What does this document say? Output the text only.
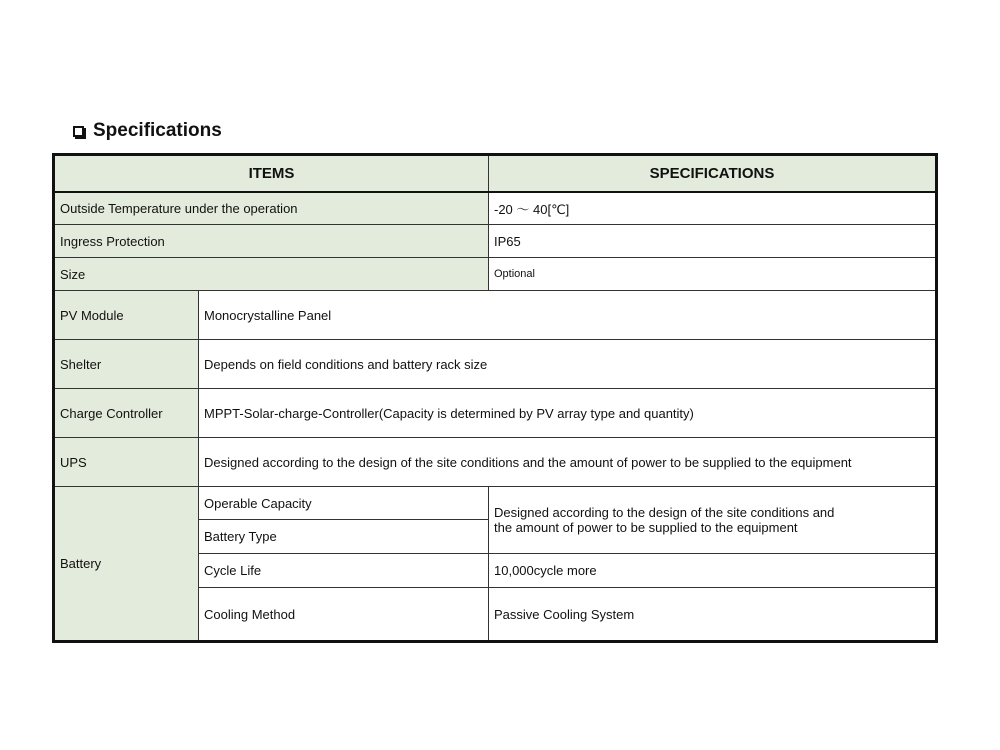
Specifications
ITEMS		SPECIFICATIONS
Outside Temperature under the operation		-20 ～ 40[℃]
Ingress Protection		IP65
Size		Optional
PV Module	Monocrystalline Panel	
Shelter	Depends on field conditions and battery rack size	
Charge Controller	MPPT-Solar-charge-Controller(Capacity is determined by PV array type and quantity)	
UPS	Designed according to the design of the site conditions and the amount of power to be supplied to the equipment	
Battery	Operable Capacity	Designed according to the design of the site conditions and
the amount of power to be supplied to the equipment
	Battery Type	
	Cycle Life	10,000cycle more
	Cooling Method	Passive Cooling System
